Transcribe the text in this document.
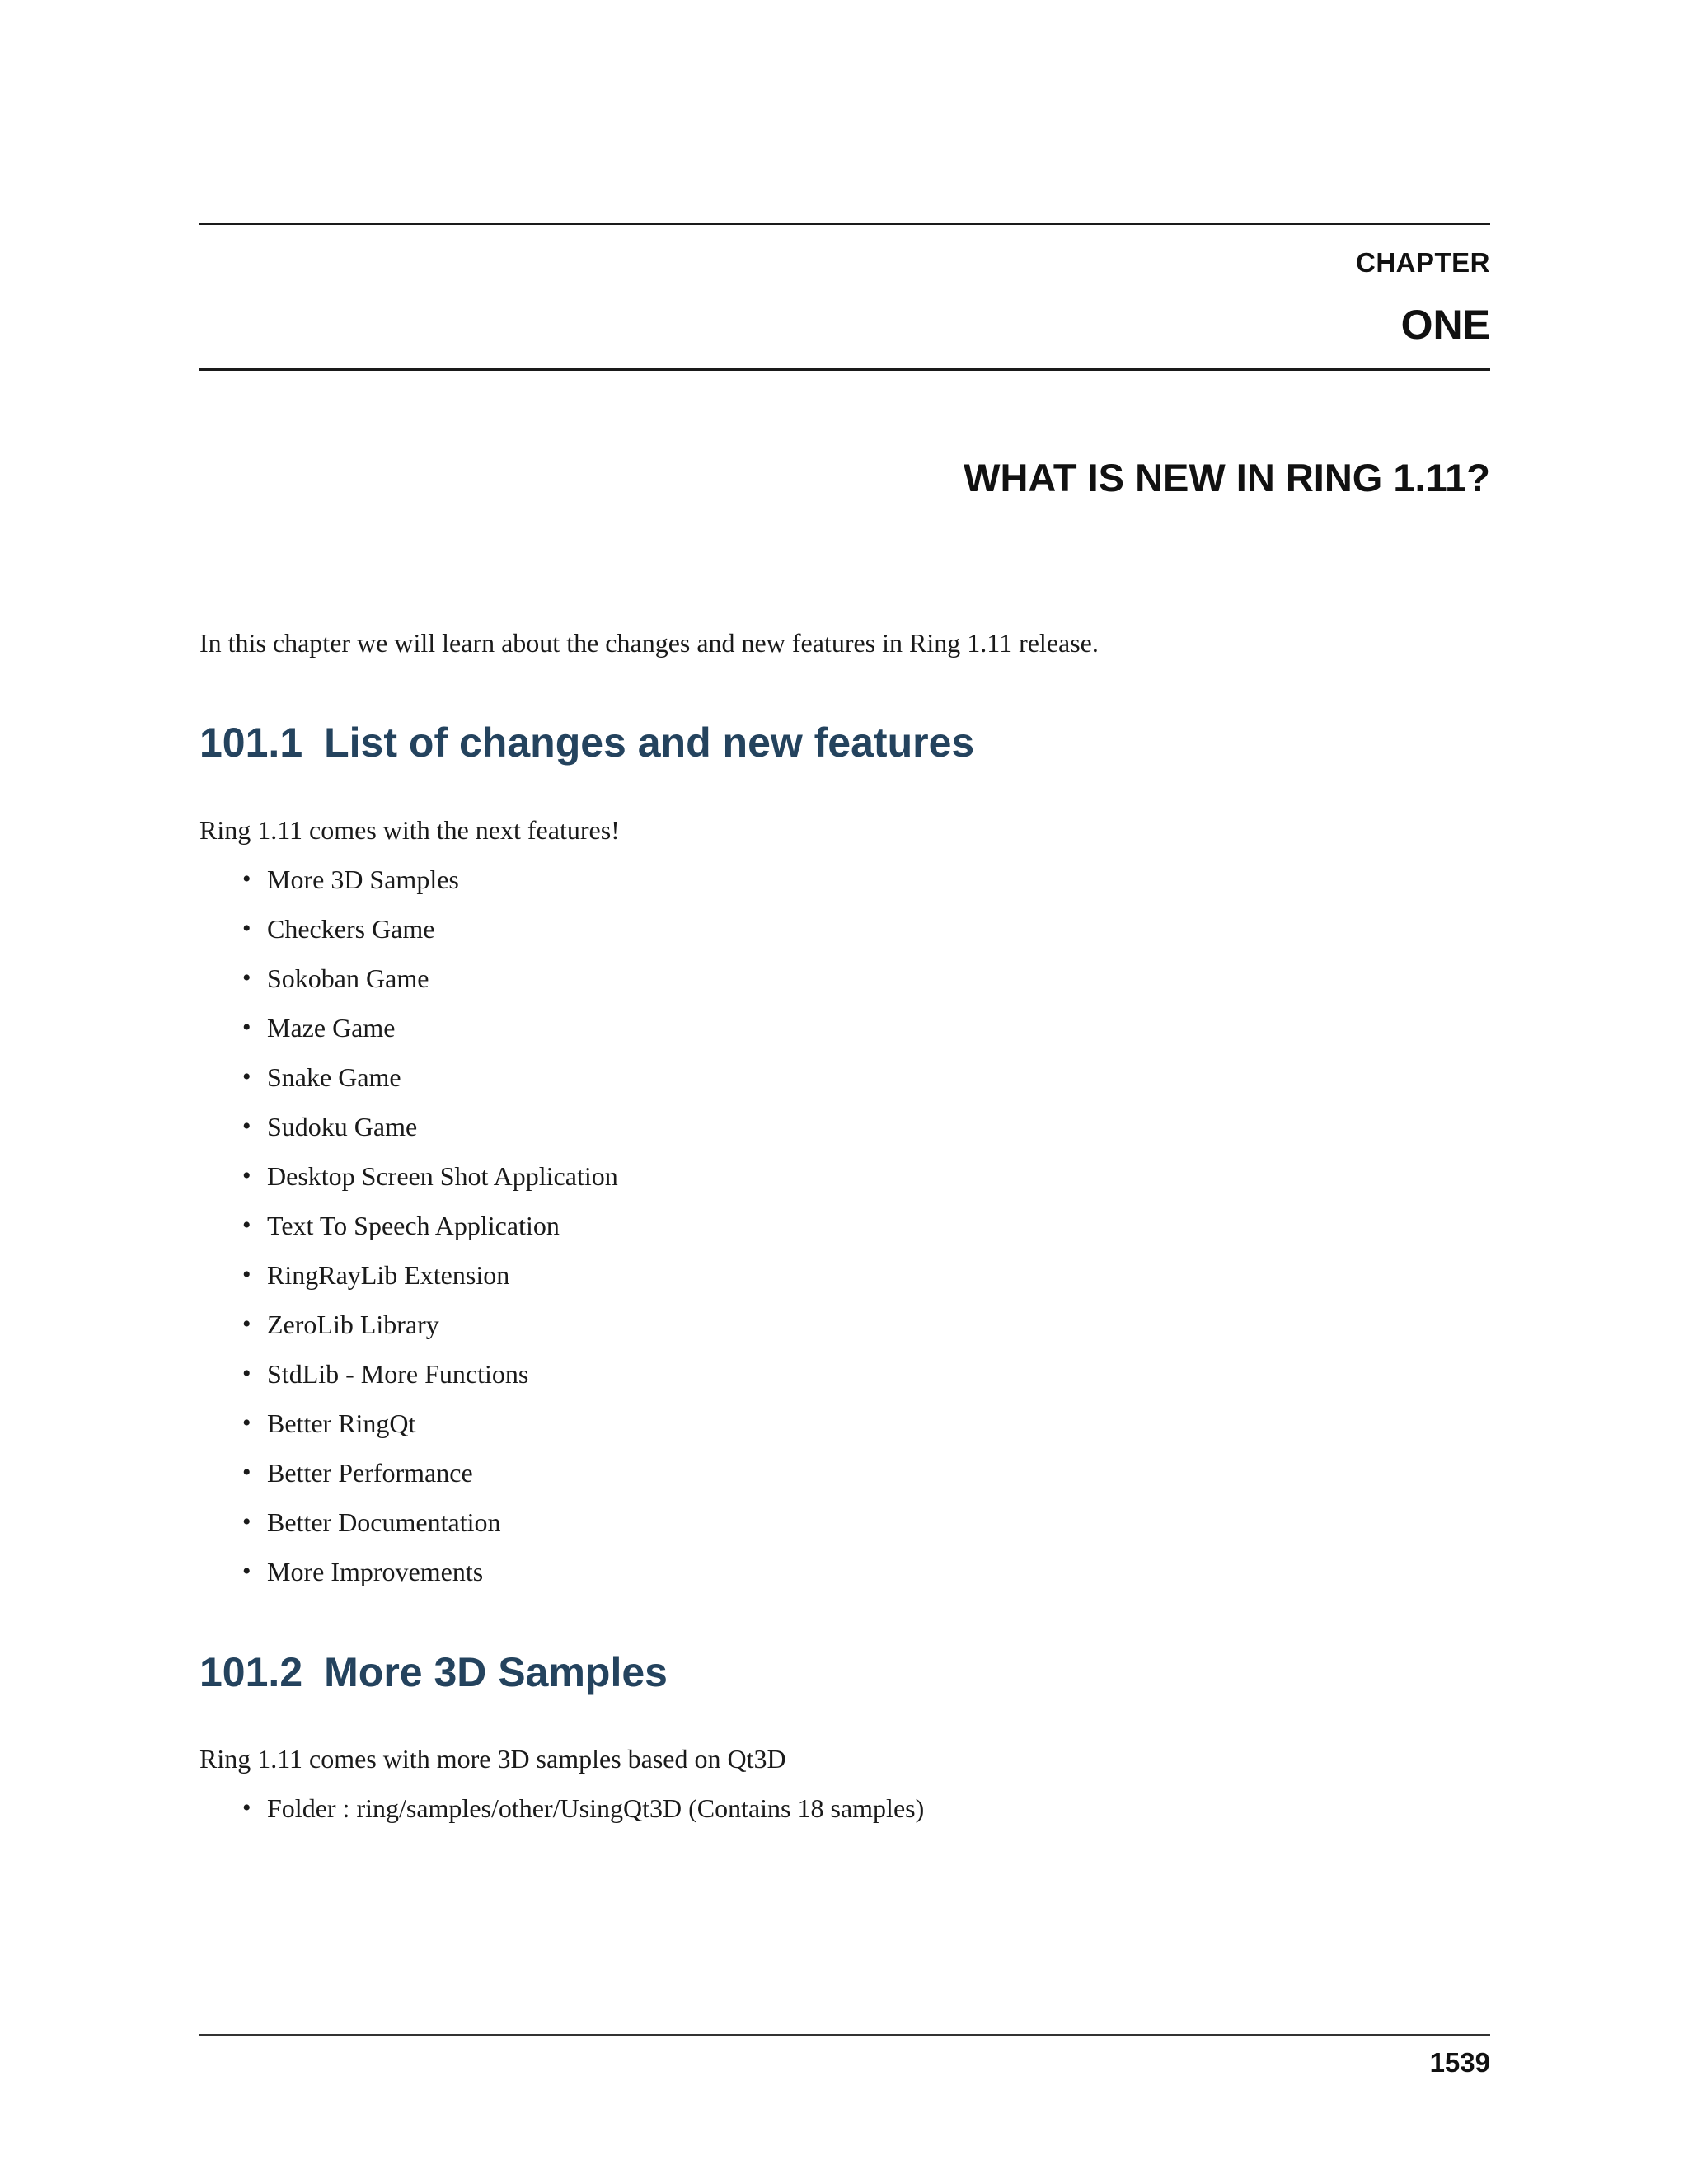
CHAPTER
ONE
WHAT IS NEW IN RING 1.11?
In this chapter we will learn about the changes and new features in Ring 1.11 release.
101.1 List of changes and new features
Ring 1.11 comes with the next features!
• More 3D Samples
• Checkers Game
• Sokoban Game
• Maze Game
• Snake Game
• Sudoku Game
• Desktop Screen Shot Application
• Text To Speech Application
• RingRayLib Extension
• ZeroLib Library
• StdLib - More Functions
• Better RingQt
• Better Performance
• Better Documentation
• More Improvements
101.2 More 3D Samples
Ring 1.11 comes with more 3D samples based on Qt3D
• Folder : ring/samples/other/UsingQt3D (Contains 18 samples)
1539
